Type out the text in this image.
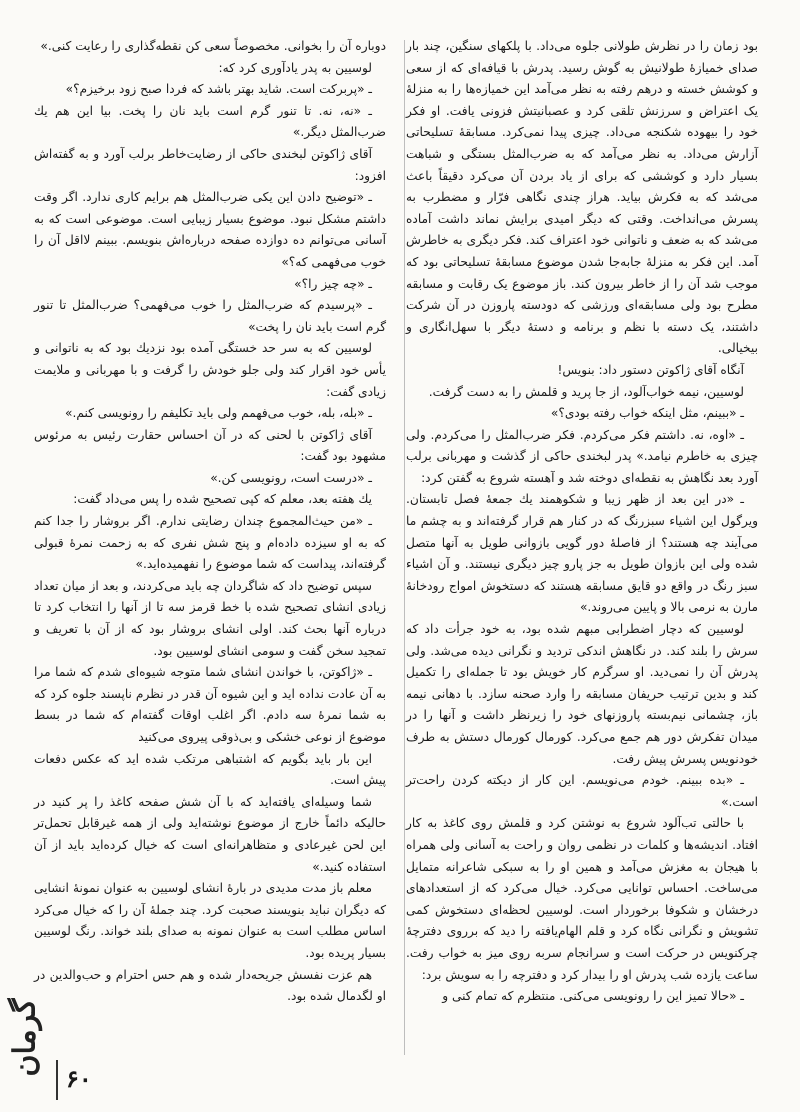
بود زمان را در نظرش طولانی جلوه می‌داد. با پلکهای سنگین، چند بار صدای خمیازهٔ طولانیش به گوش رسید. پدرش با قیافه‌ای که از سعی و کوشش خسته و درهم رفته به نظر می‌آمد این خمیازه‌ها را به منزلهٔ یک اعتراض و سرزنش تلقی کرد و عصبانیتش فزونی یافت. او فکر خود را بیهوده شکنجه می‌داد. چیزی پیدا نمی‌کرد. مسابقهٔ تسلیحاتی آزارش می‌داد. به نظر می‌آمد که به ضرب‌المثل بستگی و شباهت بسیار دارد و کوششی که برای از یاد بردن آن می‌کرد دقیقاً باعث می‌شد که به فکرش بیاید. هراز چندی نگاهی فرّار و مضطرب به پسرش می‌انداخت. وقتی که دیگر امیدی برایش نماند داشت آماده می‌شد که به ضعف و ناتوانی خود اعتراف کند. فکر دیگری به خاطرش آمد. این فکر به منزلهٔ جابه‌جا شدن موضوع مسابقهٔ تسلیحاتی بود که موجب شد آن را از خاطر بیرون کند. باز موضوع یک رقابت و مسابقه مطرح بود ولی مسابقه‌ای ورزشی که دودسته پاروزن در آن شرکت داشتند، یک دسته با نظم و برنامه و دستهٔ دیگر با سهل‌انگاری و بیخیالی.

آنگاه آقای ژاکوتن دستور داد: بنویس!

لوسیین، نیمه خواب‌آلود، از جا پرید و قلمش را به دست گرفت.

ـ «ببینم، مثل اینکه خواب رفته بودی؟»

ـ «اوه، نه. داشتم فکر می‌کردم. فکر ضرب‌المثل را می‌کردم. ولی چیزی به خاطرم نیامد.» پدر لبخندی حاکی از گذشت و مهربانی برلب آورد بعد نگاهش به نقطه‌ای دوخته شد و آهسته شروع به گفتن کرد:

ـ «در این بعد از ظهر زیبا و شکوهمند یك جمعهٔ فصل تابستان. ویرگول این اشیاء سبزرنگ که در کنار هم قرار گرفته‌اند و به چشم ما می‌آیند چه هستند؟ از فاصلهٔ دور گویی بازوانی طویل به آنها متصل شده ولی این بازوان طویل به جز پارو چیز دیگری نیستند. و آن اشیاء سبز رنگ در واقع دو قایق مسابقه هستند که دستخوش امواج رودخانهٔ مارن به نرمی بالا و پایین می‌روند.»

لوسیین که دچار اضطرابی مبهم شده بود، به خود جرأت داد که سرش را بلند کند. در نگاهش اندکی تردید و نگرانی دیده می‌شد. ولی پدرش آن را نمی‌دید. او سرگرم کار خویش بود تا جمله‌ای را تکمیل کند و بدین ترتیب حریفان مسابقه را وارد صحنه سازد. با دهانی نیمه باز، چشمانی نیم‌بسته پاروزنهای خود را زیرنظر داشت و آنها را در میدان تفکرش دور هم جمع می‌کرد. کورمال کورمال دستش به طرف خودنویس پسرش پیش رفت.

ـ «بده ببینم. خودم می‌نویسم. این کار از دیکته کردن راحت‌تر است.»

با حالتی تب‌آلود شروع به نوشتن کرد و قلمش روی کاغذ به کار افتاد. اندیشه‌ها و کلمات در نظمی روان و راحت به آسانی ولی همراه با هیجان به مغزش می‌آمد و همین او را به سبکی شاعرانه متمایل می‌ساخت. احساس توانایی می‌کرد. خیال می‌کرد که از استعدادهای درخشان و شکوفا برخوردار است. لوسیین لحظه‌ای دستخوش کمی تشویش و نگرانی نگاه کرد و قلم الهام‌یافته را دید که برروی دفترچهٔ چرکنویس در حرکت است و سرانجام سربه روی میز به خواب رفت. ساعت یازده شب پدرش او را بیدار کرد و دفترچه را به سویش برد:

ـ «حالا تمیز این را رونویسی می‌کنی. منتظرم که تمام کنی و

دوباره آن را بخوانی. مخصوصاً سعی کن نقطه‌گذاری را رعایت کنی.»

لوسیین به پدر یادآوری کرد که:

ـ «پربرکت است. شاید بهتر باشد که فردا صبح زود برخیزم؟»

ـ «نه، نه. تا تنور گرم است باید نان را پخت. بیا این هم یك ضرب‌المثل دیگر.»

آقای ژاکوتن لبخندی حاکی از رضایت‌خاطر برلب آورد و به گفته‌اش افزود:

ـ «توضیح دادن این یکی ضرب‌المثل هم برایم کاری ندارد. اگر وقت داشتم مشکل نبود. موضوع بسیار زیبایی است. موضوعی است که به آسانی می‌توانم ده دوازده صفحه درباره‌اش بنویسم. ببینم لااقل آن را خوب می‌فهمی که؟»

ـ «چه چیز را؟»

ـ «پرسیدم که ضرب‌المثل را خوب می‌فهمی؟ ضرب‌المثل تا تنور گرم است باید نان را پخت»

لوسیین که به سر حد خستگی آمده بود نزدیك بود که به ناتوانی و یأس خود اقرار کند ولی جلو خودش را گرفت و با مهربانی و ملایمت زیادی گفت:

ـ «بله، بله، خوب می‌فهمم ولی باید تکلیفم را رونویسی کنم.»

آقای ژاکوتن با لحنی که در آن احساس حقارت رئیس به مرئوس مشهود بود گفت:

ـ «درست است، رونویسی کن.»

یك هفته بعد، معلم که کپی تصحیح شده را پس می‌داد گفت:

ـ «من حیث‌المجموع چندان رضایتی ندارم. اگر بروشار را جدا کنم که به او سیزده داده‌ام و پنج شش نفری که به زحمت نمرهٔ قبولی گرفته‌اند، پیداست که شما موضوع را نفهمیده‌اید.»

سپس توضیح داد که شاگردان چه باید می‌کردند، و بعد از میان تعداد زیادی انشای تصحیح شده با خط قرمز سه تا از آنها را انتخاب کرد تا درباره آنها بحث کند. اولی انشای بروشار بود که از آن با تعریف و تمجید سخن گفت و سومی انشای لوسیین بود.

ـ «ژاکوتن، با خواندن انشای شما متوجه شیوه‌ای شدم که شما مرا به آن عادت نداده اید و این شیوه آن قدر در نظرم ناپسند جلوه کرد که به شما نمرهٔ سه دادم. اگر اغلب اوقات گفته‌ام که شما در بسط موضوع از نوعی خشکی و بی‌ذوقی پیروی می‌کنید

این بار باید بگویم که اشتباهی مرتکب شده اید که عکس دفعات پیش است.

شما وسیله‌ای یافته‌اید که با آن شش صفحه کاغذ را پر کنید در حالیکه دائماً خارج از موضوع نوشته‌اید ولی از همه غیرقابل تحمل‌تر این لحن غیرعادی و متظاهرانه‌ای است که خیال کرده‌اید باید از آن استفاده کنید.»

معلم باز مدت مدیدی در بارهٔ انشای لوسیین به عنوان نمونهٔ انشایی که دیگران نباید بنویسند صحبت کرد. چند جملهٔ آن را که خیال می‌کرد اساس مطلب است به عنوان نمونه به صدای بلند خواند. رنگ لوسیین بسیار پریده بود.

هم عزت نفسش جریحه‌دار شده و هم حس احترام و حب‌والدین در او لگدمال شده بود.

گرمان
۶۰
